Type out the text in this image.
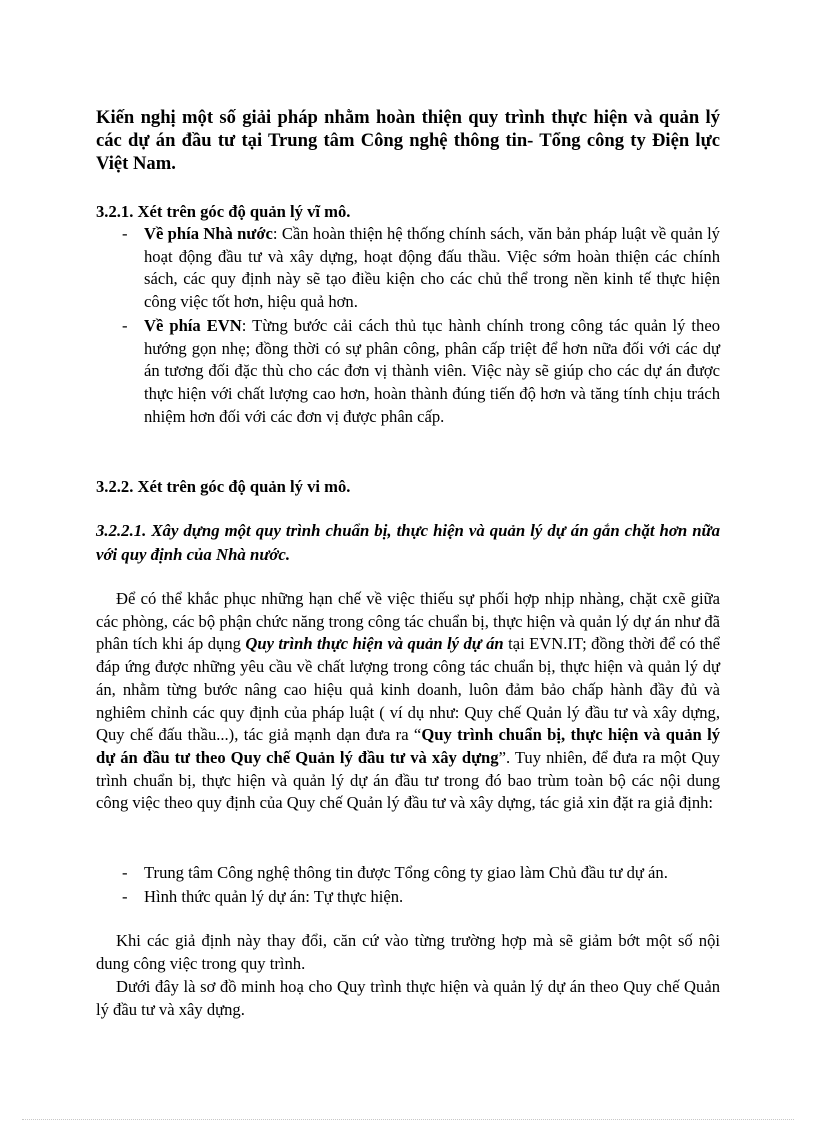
Kiến nghị một số giải pháp nhằm hoàn thiện quy trình thực hiện và quản lý các dự án đầu tư tại Trung tâm Công nghệ thông tin- Tổng công ty Điện lực Việt Nam.

3.2.1. Xét trên góc độ quản lý vĩ mô.

- Về phía Nhà nước: Cần hoàn thiện hệ thống chính sách, văn bản pháp luật về quản lý hoạt động đầu tư và xây dựng, hoạt động đấu thầu. Việc sớm hoàn thiện các chính sách, các quy định này sẽ tạo điều kiện cho các chủ thể trong nền kinh tế thực hiện công việc tốt hơn, hiệu quả hơn.

- Về phía EVN: Từng bước cải cách thủ tục hành chính trong công tác quản lý theo hướng gọn nhẹ; đồng thời có sự phân công, phân cấp triệt để hơn nữa đối với các dự án tương đối đặc thù cho các đơn vị thành viên. Việc này sẽ giúp cho các dự án được thực hiện với chất lượng cao hơn, hoàn thành đúng tiến độ hơn và tăng tính chịu trách nhiệm hơn đối với các đơn vị được phân cấp.

3.2.2. Xét trên góc độ quản lý vi mô.

3.2.2.1. Xây dựng một quy trình chuẩn bị, thực hiện và quản lý dự án gắn chặt hơn nữa với quy định của Nhà nước.

Để có thể khắc phục những hạn chế về việc thiếu sự phối hợp nhịp nhàng, chặt cxẽ giữa các phòng, các bộ phận chức năng trong công tác chuẩn bị, thực hiện và quản lý dự án như đã phân tích khi áp dụng Quy trình thực hiện và quản lý dự án tại EVN.IT; đồng thời để có thể đáp ứng được những yêu cầu về chất lượng trong công tác chuẩn bị, thực hiện và quản lý dự án, nhằm từng bước nâng cao hiệu quả kinh doanh, luôn đảm bảo chấp hành đầy đủ và nghiêm chỉnh các quy định của pháp luật ( ví dụ như: Quy chế Quản lý đầu tư và xây dựng, Quy chế đấu thầu...), tác giả mạnh dạn đưa ra “Quy trình chuẩn bị, thực hiện và quản lý dự án đầu tư theo Quy chế Quản lý đầu tư và xây dựng”. Tuy nhiên, để đưa ra một Quy trình chuẩn bị, thực hiện và quản lý dự án đầu tư trong đó bao trùm toàn bộ các nội dung công việc theo quy định của Quy chế Quản lý đầu tư và xây dựng, tác giả xin đặt ra giả định:

- Trung tâm Công nghệ thông tin được Tổng công ty giao làm Chủ đầu tư dự án.

- Hình thức quản lý dự án: Tự thực hiện.

Khi các giả định này thay đổi, căn cứ vào từng trường hợp mà sẽ giảm bớt một số nội dung công việc trong quy trình.

Dưới đây là sơ đồ minh hoạ cho Quy trình thực hiện và quản lý dự án theo Quy chế Quản lý đầu tư và xây dựng.
